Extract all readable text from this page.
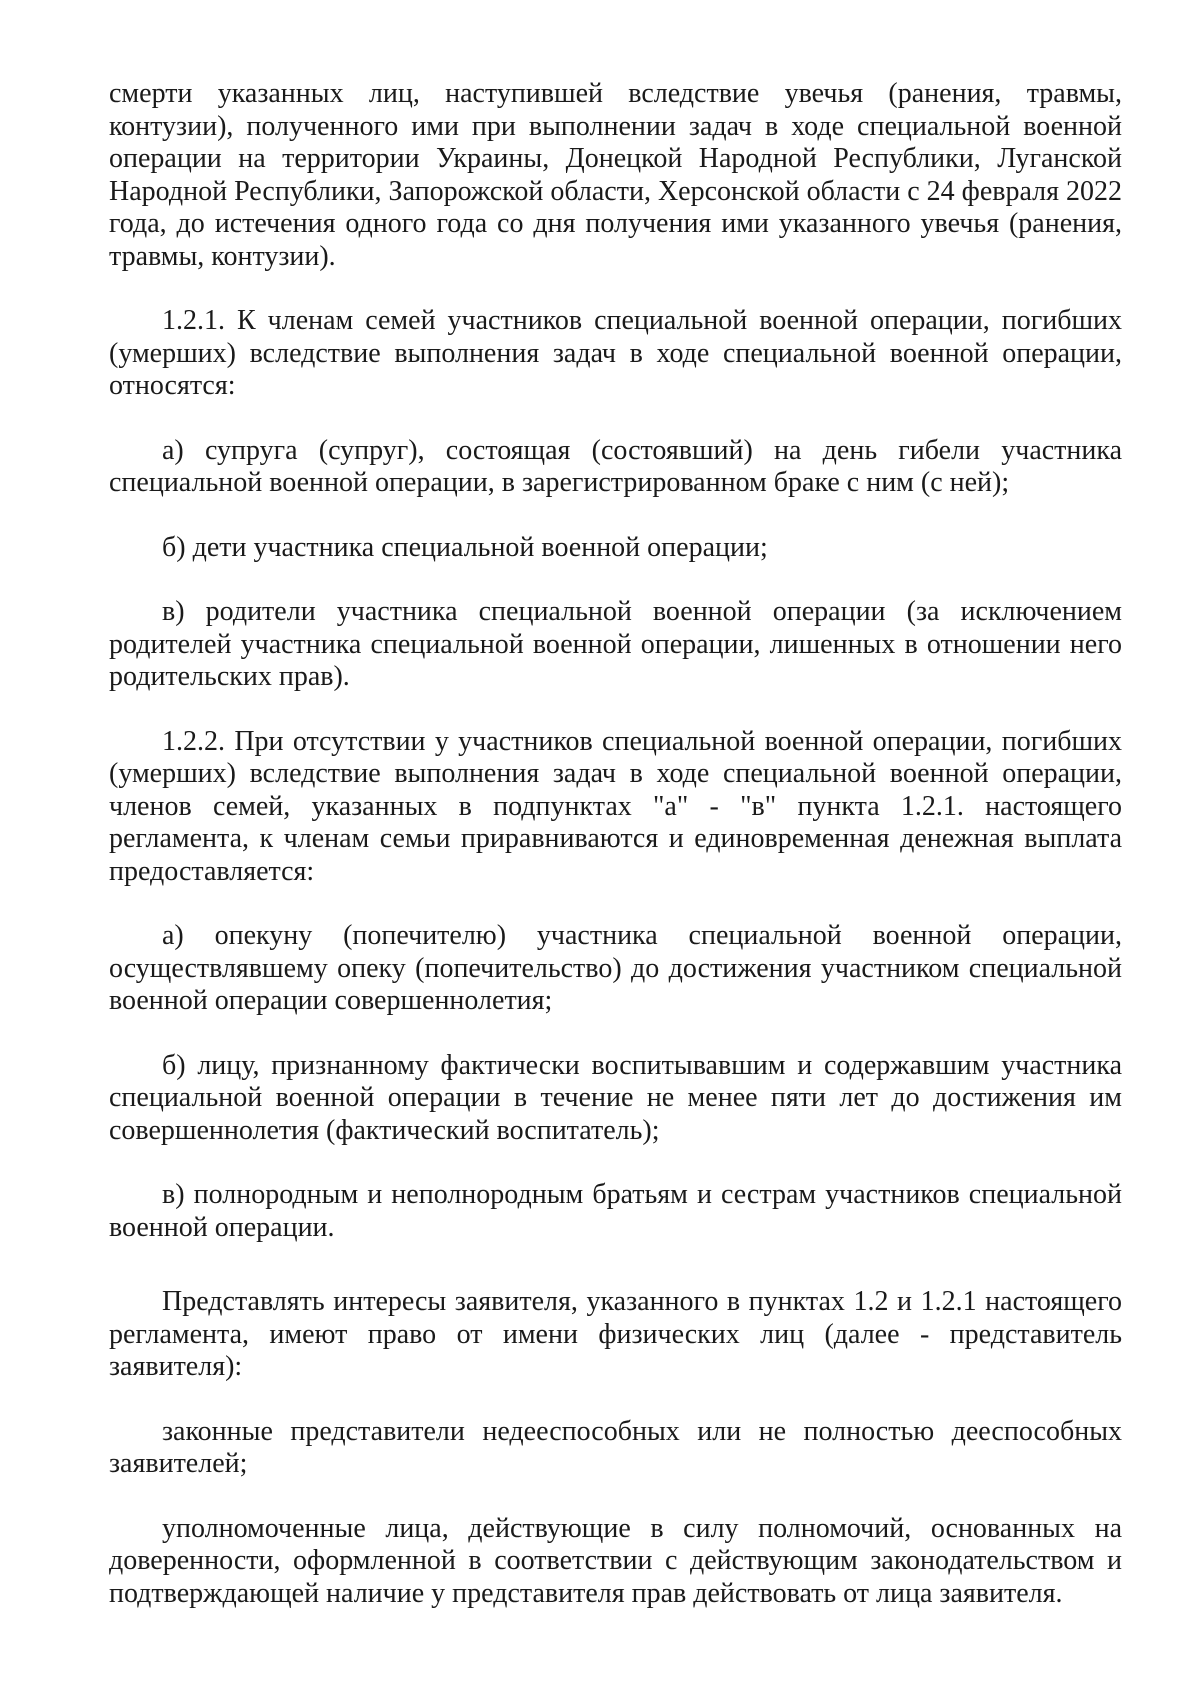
смерти указанных лиц, наступившей вследствие увечья (ранения, травмы, контузии), полученного ими при выполнении задач в ходе специальной военной операции на территории Украины, Донецкой Народной Республики, Луганской Народной Республики, Запорожской области, Херсонской области с 24 февраля 2022 года, до истечения одного года со дня получения ими указанного увечья (ранения, травмы, контузии).

1.2.1. К членам семей участников специальной военной операции, погибших (умерших) вследствие выполнения задач в ходе специальной военной операции, относятся:

а) супруга (супруг), состоящая (состоявший) на день гибели участника специальной военной операции, в зарегистрированном браке с ним (с ней);

б) дети участника специальной военной операции;

в) родители участника специальной военной операции (за исключением родителей участника специальной военной операции, лишенных в отношении него родительских прав).

1.2.2. При отсутствии у участников специальной военной операции, погибших (умерших) вследствие выполнения задач в ходе специальной военной операции, членов семей, указанных в подпунктах "а" - "в" пункта 1.2.1. настоящего регламента, к членам семьи приравниваются и единовременная денежная выплата предоставляется:

а) опекуну (попечителю) участника специальной военной операции, осуществлявшему опеку (попечительство) до достижения участником специальной военной операции совершеннолетия;

б) лицу, признанному фактически воспитывавшим и содержавшим участника специальной военной операции в течение не менее пяти лет до достижения им совершеннолетия (фактический воспитатель);

в) полнородным и неполнородным братьям и сестрам участников специальной военной операции.

Представлять интересы заявителя, указанного в пунктах 1.2 и 1.2.1 настоящего регламента, имеют право от имени физических лиц (далее - представитель заявителя):

законные представители недееспособных или не полностью дееспособных заявителей;

уполномоченные лица, действующие в силу полномочий, основанных на доверенности, оформленной в соответствии с действующим законодательством и подтверждающей наличие у представителя прав действовать от лица заявителя.
